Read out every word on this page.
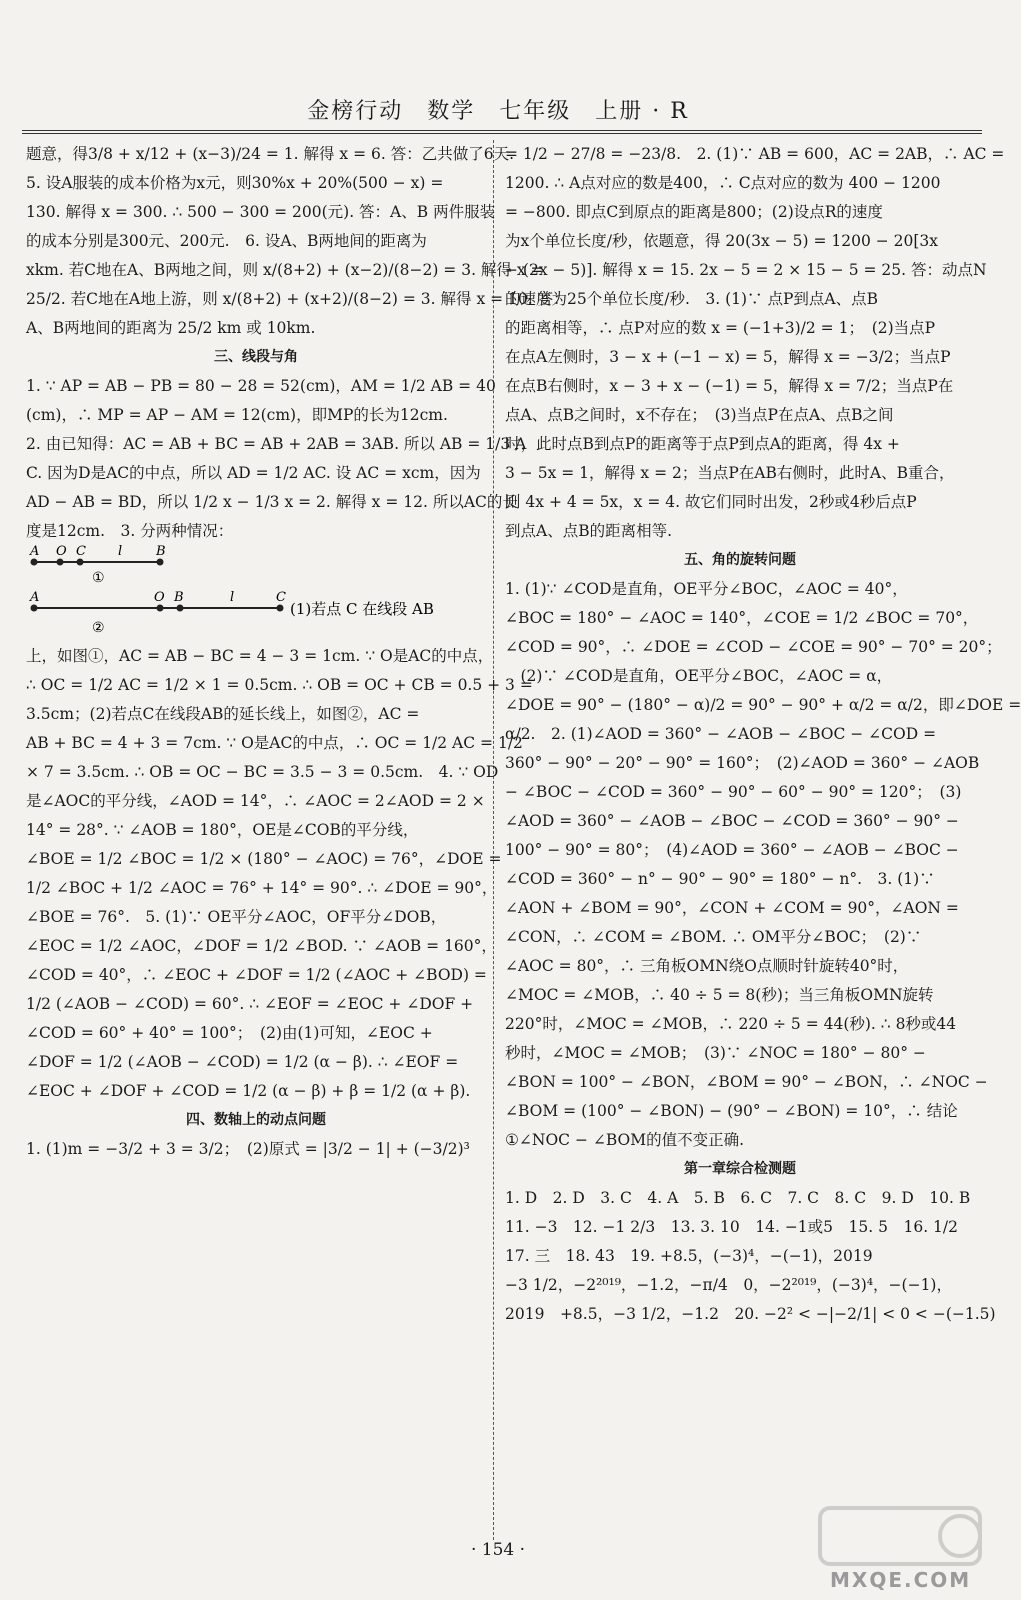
金榜行动　数学　七年级　上册 · R
题意，得3/8 + x/12 + (x−3)/24 = 1. 解得 x = 6. 答：乙共做了6天.
5. 设A服装的成本价格为x元，则30%x + 20%(500 − x) =
130. 解得 x = 300. ∴ 500 − 300 = 200(元). 答：A、B 两件服装
的成本分别是300元、200元.　6. 设A、B两地间的距离为
xkm. 若C地在A、B两地之间，则 x/(8+2) + (x−2)/(8−2) = 3. 解得 x =
25/2. 若C地在A地上游，则 x/(8+2) + (x+2)/(8−2) = 3. 解得 x = 10. 答：
A、B两地间的距离为 25/2 km 或 10km.
三、线段与角
1. ∵ AP = AB − PB = 80 − 28 = 52(cm)，AM = 1/2 AB = 40
(cm)，∴ MP = AP − AM = 12(cm)，即MP的长为12cm.
2. 由已知得：AC = AB + BC = AB + 2AB = 3AB. 所以 AB = 1/3 A
C. 因为D是AC的中点，所以 AD = 1/2 AC. 设 AC = xcm，因为
AD − AB = BD，所以 1/2 x − 1/3 x = 2. 解得 x = 12. 所以AC的长
度是12cm.　3. 分两种情况：
A O C l	B
①
A	O B	l	C
②
(1)若点 C 在线段 AB
上，如图①，AC = AB − BC = 4 − 3 = 1cm. ∵ O是AC的中点，
∴ OC = 1/2 AC = 1/2 × 1 = 0.5cm. ∴ OB = OC + CB = 0.5 + 3 =
3.5cm；(2)若点C在线段AB的延长线上，如图②，AC =
AB + BC = 4 + 3 = 7cm. ∵ O是AC的中点，∴ OC = 1/2 AC = 1/2
× 7 = 3.5cm. ∴ OB = OC − BC = 3.5 − 3 = 0.5cm.　4. ∵ OD
是∠AOC的平分线，∠AOD = 14°，∴ ∠AOC = 2∠AOD = 2 ×
14° = 28°. ∵ ∠AOB = 180°，OE是∠COB的平分线，
∠BOE = 1/2 ∠BOC = 1/2 × (180° − ∠AOC) = 76°，∠DOE =
1/2 ∠BOC + 1/2 ∠AOC = 76° + 14° = 90°. ∴ ∠DOE = 90°，
∠BOE = 76°.　5. (1)∵ OE平分∠AOC，OF平分∠DOB，
∠EOC = 1/2 ∠AOC，∠DOF = 1/2 ∠BOD. ∵ ∠AOB = 160°，
∠COD = 40°，∴ ∠EOC + ∠DOF = 1/2 (∠AOC + ∠BOD) =
1/2 (∠AOB − ∠COD) = 60°. ∴ ∠EOF = ∠EOC + ∠DOF +
∠COD = 60° + 40° = 100°；　(2)由(1)可知，∠EOC +
∠DOF = 1/2 (∠AOB − ∠COD) = 1/2 (α − β). ∴ ∠EOF =
∠EOC + ∠DOF + ∠COD = 1/2 (α − β) + β = 1/2 (α + β).
四、数轴上的动点问题
1. (1)m = −3/2 + 3 = 3/2；　(2)原式 = |3/2 − 1| + (−3/2)³
= 1/2 − 27/8 = −23/8.　2. (1)∵ AB = 600，AC = 2AB，∴ AC =
1200. ∴ A点对应的数是400，∴ C点对应的数为 400 − 1200
= −800. 即点C到原点的距离是800；(2)设点R的速度
为x个单位长度/秒，依题意，得 20(3x − 5) = 1200 − 20[3x
− (2x − 5)]. 解得 x = 15. 2x − 5 = 2 × 15 − 5 = 25. 答：动点N
的速度为25个单位长度/秒.　3. (1)∵ 点P到点A、点B
的距离相等，∴ 点P对应的数 x = (−1+3)/2 = 1；　(2)当点P
在点A左侧时，3 − x + (−1 − x) = 5，解得 x = −3/2；当点P
在点B右侧时，x − 3 + x − (−1) = 5，解得 x = 7/2；当点P在
点A、点B之间时，x不存在；　(3)当点P在点A、点B之间
时，此时点B到点P的距离等于点P到点A的距离，得 4x +
3 − 5x = 1，解得 x = 2；当点P在AB右侧时，此时A、B重合，
则 4x + 4 = 5x，x = 4. 故它们同时出发，2秒或4秒后点P
到点A、点B的距离相等.
五、角的旋转问题
1. (1)∵ ∠COD是直角，OE平分∠BOC，∠AOC = 40°，
∠BOC = 180° − ∠AOC = 140°，∠COE = 1/2 ∠BOC = 70°，
∠COD = 90°，∴ ∠DOE = ∠COD − ∠COE = 90° − 70° = 20°；
　(2)∵ ∠COD是直角，OE平分∠BOC，∠AOC = α，
∠DOE = 90° − (180° − α)/2 = 90° − 90° + α/2 = α/2，即∠DOE =
α/2.　2. (1)∠AOD = 360° − ∠AOB − ∠BOC − ∠COD =
360° − 90° − 20° − 90° = 160°；　(2)∠AOD = 360° − ∠AOB
− ∠BOC − ∠COD = 360° − 90° − 60° − 90° = 120°；　(3)
∠AOD = 360° − ∠AOB − ∠BOC − ∠COD = 360° − 90° −
100° − 90° = 80°；　(4)∠AOD = 360° − ∠AOB − ∠BOC −
∠COD = 360° − n° − 90° − 90° = 180° − n°.　3. (1)∵
∠AON + ∠BOM = 90°，∠CON + ∠COM = 90°，∠AON =
∠CON，∴ ∠COM = ∠BOM. ∴ OM平分∠BOC；　(2)∵
∠AOC = 80°，∴ 三角板OMN绕O点顺时针旋转40°时，
∠MOC = ∠MOB，∴ 40 ÷ 5 = 8(秒)；当三角板OMN旋转
220°时，∠MOC = ∠MOB，∴ 220 ÷ 5 = 44(秒). ∴ 8秒或44
秒时，∠MOC = ∠MOB；　(3)∵ ∠NOC = 180° − 80° −
∠BON = 100° − ∠BON，∠BOM = 90° − ∠BON，∴ ∠NOC −
∠BOM = (100° − ∠BON) − (90° − ∠BON) = 10°，∴ 结论
①∠NOC − ∠BOM的值不变正确.
第一章综合检测题
1. D　2. D　3. C　4. A　5. B　6. C　7. C　8. C　9. D　10. B
11. −3　12. −1 2/3　13. 3. 10　14. −1或5　15. 5　16. 1/2
17. 三　18. 43　19. +8.5，(−3)⁴，−(−1)，2019
−3 1/2，−2²⁰¹⁹，−1.2，−π/4　0，−2²⁰¹⁹，(−3)⁴，−(−1)，
2019　+8.5，−3 1/2，−1.2　20. −2² < −|−2/1| < 0 < −(−1.5)
· 154 ·
MXQE.COM
